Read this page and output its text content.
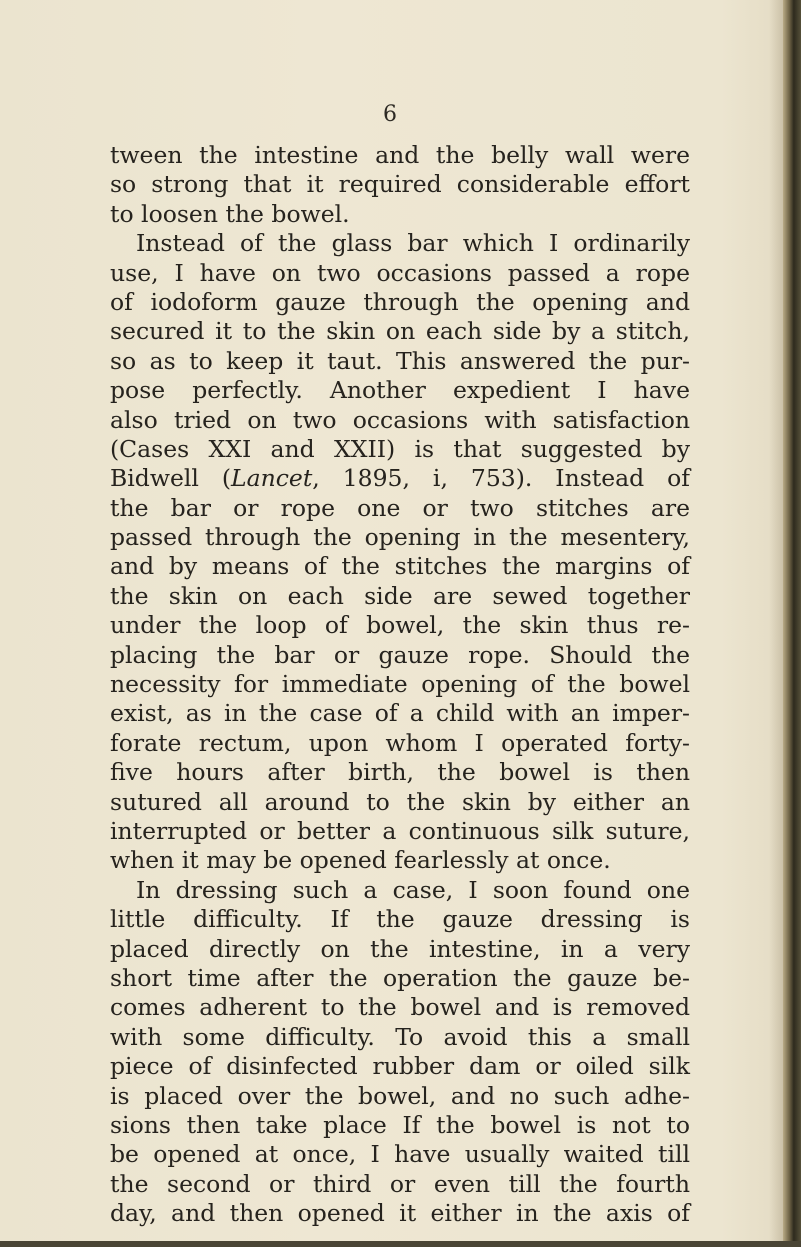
6
tween the intestine and the belly wall were
so strong that it required considerable effort
to loosen the bowel.
Instead of the glass bar which I ordinarily
use, I have on two occasions passed a rope
of iodoform gauze through the opening and
secured it to the skin on each side by a stitch,
so as to keep it taut. This answered the pur-
pose perfectly. Another expedient I have
also tried on two occasions with satisfaction
(Cases XXI and XXII) is that suggested by
Bidwell (Lancet, 1895, i, 753). Instead of
the bar or rope one or two stitches are
passed through the opening in the mesentery,
and by means of the stitches the margins of
the skin on each side are sewed together
under the loop of bowel, the skin thus re-
placing the bar or gauze rope. Should the
necessity for immediate opening of the bowel
exist, as in the case of a child with an imper-
forate rectum, upon whom I operated forty-
five hours after birth, the bowel is then
sutured all around to the skin by either an
interrupted or better a continuous silk suture,
when it may be opened fearlessly at once.
In dressing such a case, I soon found one
little difficulty. If the gauze dressing is
placed directly on the intestine, in a very
short time after the operation the gauze be-
comes adherent to the bowel and is removed
with some difficulty. To avoid this a small
piece of disinfected rubber dam or oiled silk
is placed over the bowel, and no such adhe-
sions then take place If the bowel is not to
be opened at once, I have usually waited till
the second or third or even till the fourth
day, and then opened it either in the axis of
